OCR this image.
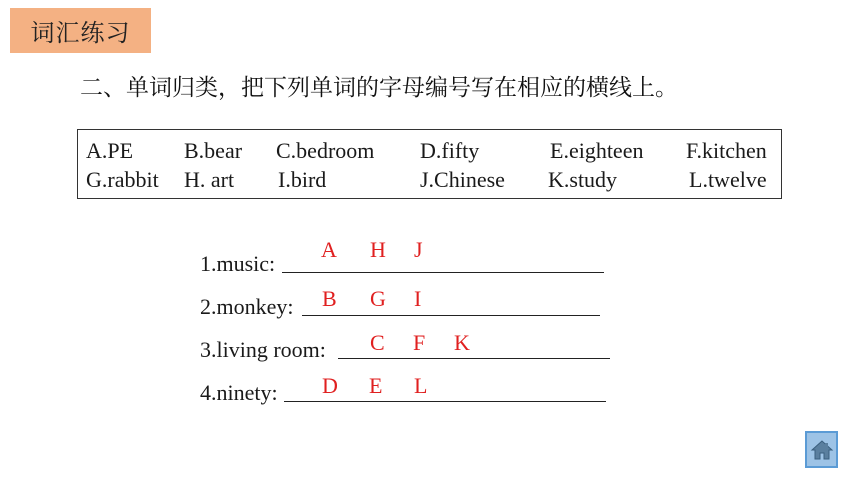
词汇练习
二、单词归类，把下列单词的字母编号写在相应的横线上。
A.PE B.bear C.bedroom D.fifty	E.eighteen F.kitchen
G.rabbit H. art I.bird	J.Chinese K.study	L.twelve
1.music:
A H J
2.monkey: B G I
3.living room: C F K
4.ninety: D E L
